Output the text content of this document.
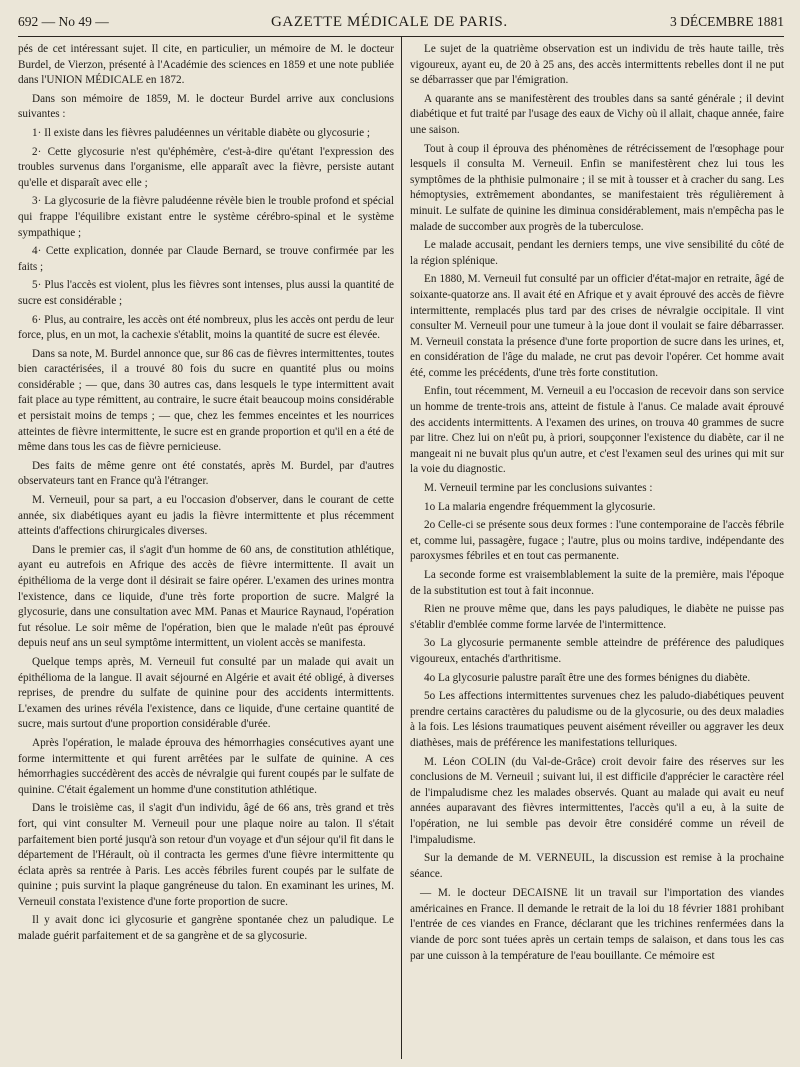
692 — No 49 —	GAZETTE MÉDICALE DE PARIS.	3 DÉCEMBRE 1881

pés de cet intéressant sujet. Il cite, en particulier, un mémoire de M. le docteur Burdel, de Vierzon, présenté à l'Académie des sciences en 1859 et une note publiée dans l'UNION MÉDICALE en 1872.

Dans son mémoire de 1859, M. le docteur Burdel arrive aux conclusions suivantes :

1· Il existe dans les fièvres paludéennes un véritable diabète ou glycosurie ;

2· Cette glycosurie n'est qu'éphémère, c'est-à-dire qu'étant l'expression des troubles survenus dans l'organisme, elle apparaît avec la fièvre, persiste autant qu'elle et disparaît avec elle ;

3· La glycosurie de la fièvre paludéenne révèle bien le trouble profond et spécial qui frappe l'équilibre existant entre le système cérébro-spinal et le système sympathique ;

4· Cette explication, donnée par Claude Bernard, se trouve confirmée par les faits ;

5· Plus l'accès est violent, plus les fièvres sont intenses, plus aussi la quantité de sucre est considérable ;

6· Plus, au contraire, les accès ont été nombreux, plus les accès ont perdu de leur force, plus, en un mot, la cachexie s'établit, moins la quantité de sucre est élevée.

Dans sa note, M. Burdel annonce que, sur 86 cas de fièvres intermittentes, toutes bien caractérisées, il a trouvé 80 fois du sucre en quantité plus ou moins considérable ; — que, dans 30 autres cas, dans lesquels le type intermittent avait fait place au type rémittent, au contraire, le sucre était beaucoup moins considérable et persistait moins de temps ; — que, chez les femmes enceintes et les nourrices atteintes de fièvre intermittente, le sucre est en grande proportion et qu'il en a été de même dans tous les cas de fièvre pernicieuse.

Des faits de même genre ont été constatés, après M. Burdel, par d'autres observateurs tant en France qu'à l'étranger.

M. Verneuil, pour sa part, a eu l'occasion d'observer, dans le courant de cette année, six diabétiques ayant eu jadis la fièvre intermittente et plus récemment atteints d'affections chirurgicales diverses.

Dans le premier cas, il s'agit d'un homme de 60 ans, de constitution athlétique, ayant eu autrefois en Afrique des accès de fièvre intermittente. Il avait un épithélioma de la verge dont il désirait se faire opérer. L'examen des urines montra l'existence, dans ce liquide, d'une très forte proportion de sucre. Malgré la glycosurie, dans une consultation avec MM. Panas et Maurice Raynaud, l'opération fut résolue. Le soir même de l'opération, bien que le malade n'eût pas éprouvé depuis neuf ans un seul symptôme intermittent, un violent accès se manifesta.

Quelque temps après, M. Verneuil fut consulté par un malade qui avait un épithélioma de la langue. Il avait séjourné en Algérie et avait été obligé, à diverses reprises, de prendre du sulfate de quinine pour des accidents intermittents. L'examen des urines révéla l'existence, dans ce liquide, d'une certaine quantité de sucre, mais surtout d'une proportion considérable d'urée.

Après l'opération, le malade éprouva des hémorrhagies consécutives ayant une forme intermittente et qui furent arrêtées par le sulfate de quinine. A ces hémorrhagies succédèrent des accès de névralgie qui furent coupés par le sulfate de quinine. C'était également un homme d'une constitution athlétique.

Dans le troisième cas, il s'agit d'un individu, âgé de 66 ans, très grand et très fort, qui vint consulter M. Verneuil pour une plaque noire au talon. Il s'était parfaitement bien porté jusqu'à son retour d'un voyage et d'un séjour qu'il fit dans le département de l'Hérault, où il contracta les germes d'une fièvre intermittente qu éclata après sa rentrée à Paris. Les accès fébriles furent coupés par le sulfate de quinine ; puis survint la plaque gangréneuse du talon. En examinant les urines, M. Verneuil constata l'existence d'une forte proportion de sucre.

Il y avait donc ici glycosurie et gangrène spontanée chez un paludique. Le malade guérit parfaitement et de sa gangrène et de sa glycosurie.

Le sujet de la quatrième observation est un individu de très haute taille, très vigoureux, ayant eu, de 20 à 25 ans, des accès intermittents rebelles dont il ne put se débarrasser que par l'émigration.

A quarante ans se manifestèrent des troubles dans sa santé générale ; il devint diabétique et fut traité par l'usage des eaux de Vichy où il allait, chaque année, faire une saison.

Tout à coup il éprouva des phénomènes de rétrécissement de l'œsophage pour lesquels il consulta M. Verneuil. Enfin se manifestèrent chez lui tous les symptômes de la phthisie pulmonaire ; il se mit à tousser et à cracher du sang. Les hémoptysies, extrêmement abondantes, se manifestaient très régulièrement à minuit. Le sulfate de quinine les diminua considérablement, mais n'empêcha pas le malade de succomber aux progrès de la tuberculose.

Le malade accusait, pendant les derniers temps, une vive sensibilité du côté de la région splénique.

En 1880, M. Verneuil fut consulté par un officier d'état-major en retraite, âgé de soixante-quatorze ans. Il avait été en Afrique et y avait éprouvé des accès de fièvre intermittente, remplacés plus tard par des crises de névralgie occipitale. Il vint consulter M. Verneuil pour une tumeur à la joue dont il voulait se faire débarrasser. M. Verneuil constata la présence d'une forte proportion de sucre dans les urines, et, en considération de l'âge du malade, ne crut pas devoir l'opérer. Cet homme avait été, comme les précédents, d'une très forte constitution.

Enfin, tout récemment, M. Verneuil a eu l'occasion de recevoir dans son service un homme de trente-trois ans, atteint de fistule à l'anus. Ce malade avait éprouvé des accidents intermittents. A l'examen des urines, on trouva 40 grammes de sucre par litre. Chez lui on n'eût pu, à priori, soupçonner l'existence du diabète, car il ne mangeait ni ne buvait plus qu'un autre, et c'est l'examen seul des urines qui mit sur la voie du diagnostic.

M. Verneuil termine par les conclusions suivantes :

1o La malaria engendre fréquemment la glycosurie.

2o Celle-ci se présente sous deux formes : l'une contemporaine de l'accès fébrile et, comme lui, passagère, fugace ; l'autre, plus ou moins tardive, indépendante des paroxysmes fébriles et en tout cas permanente.

La seconde forme est vraisemblablement la suite de la première, mais l'époque de la substitution est tout à fait inconnue.

Rien ne prouve même que, dans les pays paludiques, le diabète ne puisse pas s'établir d'emblée comme forme larvée de l'intermittence.

3o La glycosurie permanente semble atteindre de préférence des paludiques vigoureux, entachés d'arthritisme.

4o La glycosurie palustre paraît être une des formes bénignes du diabète.

5o Les affections intermittentes survenues chez les paludo-diabétiques peuvent prendre certains caractères du paludisme ou de la glycosurie, ou des deux maladies à la fois. Les lésions traumatiques peuvent aisément réveiller ou aggraver les deux diathèses, mais de préférence les manifestations telluriques.

M. Léon COLIN (du Val-de-Grâce) croit devoir faire des réserves sur les conclusions de M. Verneuil ; suivant lui, il est difficile d'apprécier le caractère réel de l'impaludisme chez les malades observés. Quant au malade qui avait eu neuf années auparavant des fièvres intermittentes, l'accès qu'il a eu, à la suite de l'opération, ne lui semble pas devoir être considéré comme un réveil de l'impaludisme.

Sur la demande de M. VERNEUIL, la discussion est remise à la prochaine séance.

— M. le docteur DECAISNE lit un travail sur l'importation des viandes américaines en France. Il demande le retrait de la loi du 18 février 1881 prohibant l'entrée de ces viandes en France, déclarant que les trichines renfermées dans la viande de porc sont tuées après un certain temps de salaison, et dans tous les cas par une cuisson à la température de l'eau bouillante. Ce mémoire est
